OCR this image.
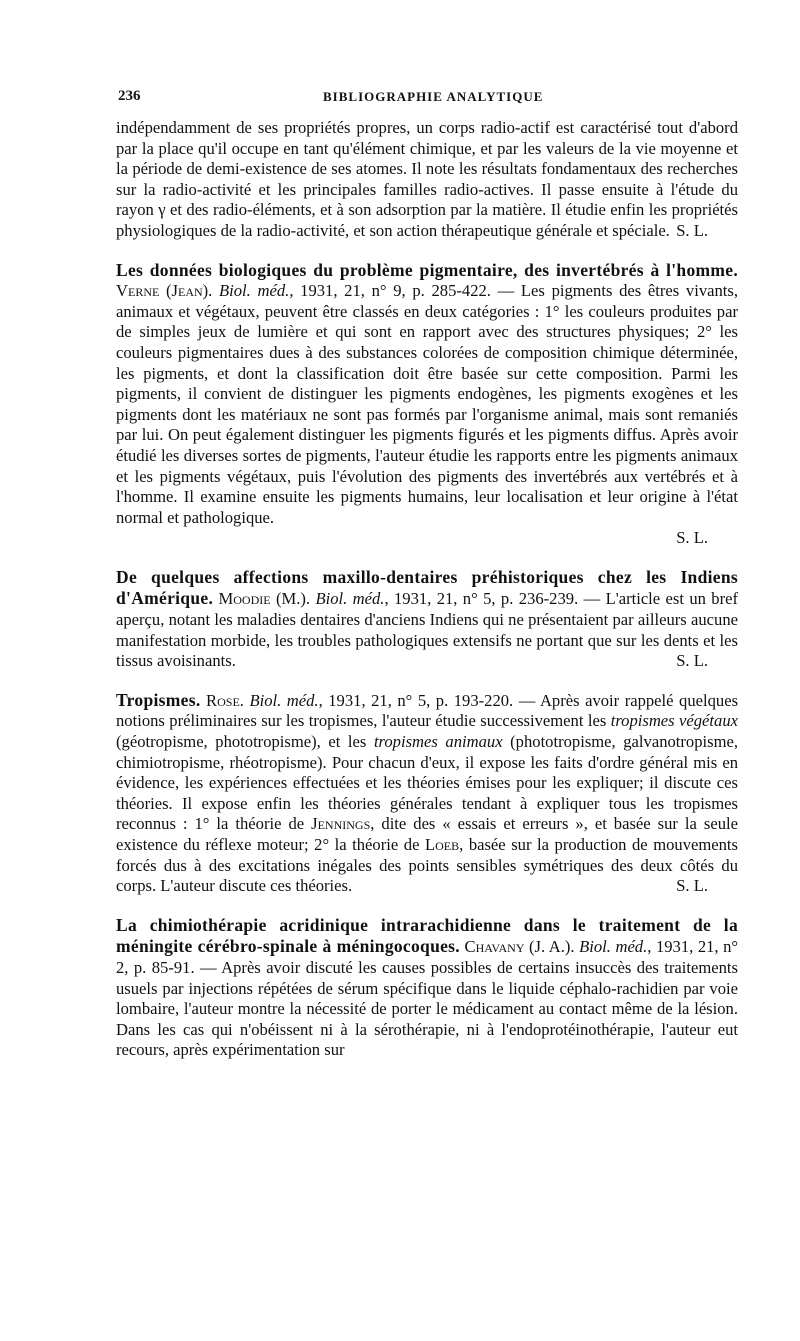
236	BIBLIOGRAPHIE ANALYTIQUE

indépendamment de ses propriétés propres, un corps radio-actif est caractérisé tout d'abord par la place qu'il occupe en tant qu'élément chimique, et par les valeurs de la vie moyenne et la période de demi-existence de ses atomes. Il note les résultats fondamentaux des recherches sur la radio-activité et les principales familles radio-actives. Il passe ensuite à l'étude du rayon γ et des radio-éléments, et à son adsorption par la matière. Il étudie enfin les propriétés physiologiques de la radio-activité, et son action thérapeutique générale et spéciale. S. L.

Les données biologiques du problème pigmentaire, des invertébrés à l'homme. Verne (Jean). Biol. méd., 1931, 21, n° 9, p. 285-422. — Les pigments des êtres vivants, animaux et végétaux, peuvent être classés en deux catégories : 1° les couleurs produites par de simples jeux de lumière et qui sont en rapport avec des structures physiques; 2° les couleurs pigmentaires dues à des substances colorées de composition chimique déterminée, les pigments, et dont la classification doit être basée sur cette composition. Parmi les pigments, il convient de distinguer les pigments endogènes, les pigments exogènes et les pigments dont les matériaux ne sont pas formés par l'organisme animal, mais sont remaniés par lui. On peut également distinguer les pigments figurés et les pigments diffus. Après avoir étudié les diverses sortes de pigments, l'auteur étudie les rapports entre les pigments animaux et les pigments végétaux, puis l'évolution des pigments des invertébrés aux vertébrés et à l'homme. Il examine ensuite les pigments humains, leur localisation et leur origine à l'état normal et pathologique.

S. L.

De quelques affections maxillo-dentaires préhistoriques chez les Indiens d'Amérique. Moodie (M.). Biol. méd., 1931, 21, n° 5, p. 236-239. — L'article est un bref aperçu, notant les maladies dentaires d'anciens Indiens qui ne présentaient par ailleurs aucune manifestation morbide, les troubles pathologiques extensifs ne portant que sur les dents et les tissus avoisinants.	S. L.

Tropismes. Rose. Biol. méd., 1931, 21, n° 5, p. 193-220. — Après avoir rappelé quelques notions préliminaires sur les tropismes, l'auteur étudie successivement les tropismes végétaux (géotropisme, phototropisme), et les tropismes animaux (phototropisme, galvanotropisme, chimiotropisme, rhéotropisme). Pour chacun d'eux, il expose les faits d'ordre général mis en évidence, les expériences effectuées et les théories émises pour les expliquer; il discute ces théories. Il expose enfin les théories générales tendant à expliquer tous les tropismes reconnus : 1° la théorie de Jennings, dite des « essais et erreurs », et basée sur la seule existence du réflexe moteur; 2° la théorie de Loeb, basée sur la production de mouvements forcés dus à des excitations inégales des points sensibles symétriques des deux côtés du corps. L'auteur discute ces théories.	S. L.

La chimiothérapie acridinique intrarachidienne dans le traitement de la méningite cérébro-spinale à méningocoques. Chavany (J. A.). Biol. méd., 1931, 21, n° 2, p. 85-91. — Après avoir discuté les causes possibles de certains insuccès des traitements usuels par injections répétées de sérum spécifique dans le liquide céphalo-rachidien par voie lombaire, l'auteur montre la nécessité de porter le médicament au contact même de la lésion. Dans les cas qui n'obéissent ni à la sérothérapie, ni à l'endoprotéinothérapie, l'auteur eut recours, après expérimentation sur
